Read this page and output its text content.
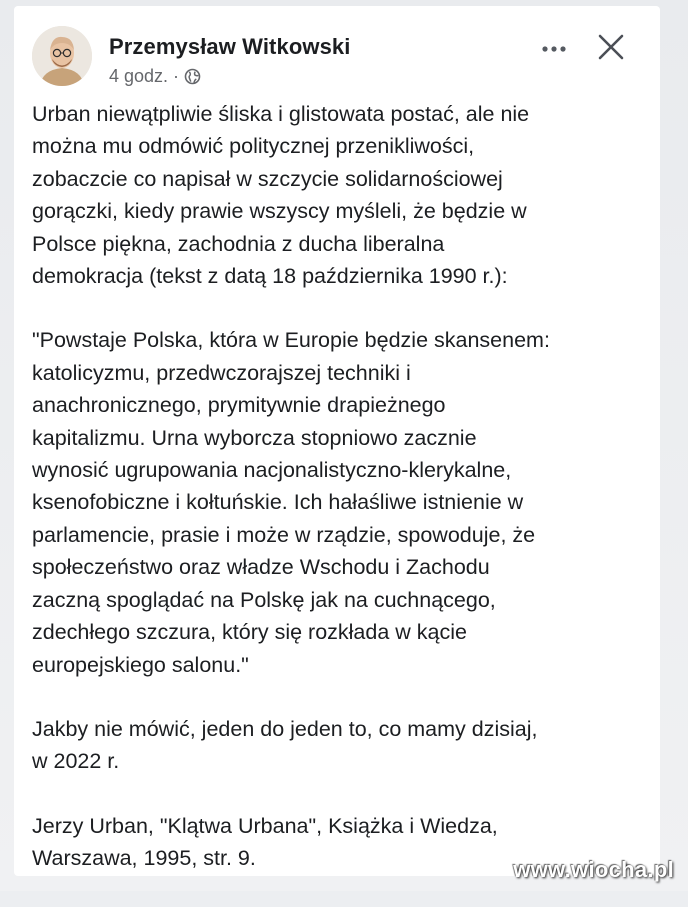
Przemysław Witkowski
4 godz. ·

Urban niewątpliwie śliska i glistowata postać, ale nie
można mu odmówić politycznej przenikliwości,
zobaczcie co napisał w szczycie solidarnościowej
gorączki, kiedy prawie wszyscy myśleli, że będzie w
Polsce piękna, zachodnia z ducha liberalna
demokracja (tekst z datą 18 października 1990 r.):

"Powstaje Polska, która w Europie będzie skansenem:
katolicyzmu, przedwczorajszej techniki i
anachronicznego, prymitywnie drapieżnego
kapitalizmu. Urna wyborcza stopniowo zacznie
wynosić ugrupowania nacjonalistyczno-klerykalne,
ksenofobiczne i kołtuńskie. Ich hałaśliwe istnienie w
parlamencie, prasie i może w rządzie, spowoduje, że
społeczeństwo oraz władze Wschodu i Zachodu
zaczną spoglądać na Polskę jak na cuchnącego,
zdechłego szczura, który się rozkłada w kącie
europejskiego salonu."

Jakby nie mówić, jeden do jeden to, co mamy dzisiaj,
w 2022 r.

Jerzy Urban, "Klątwa Urbana", Książka i Wiedza,
Warszawa, 1995, str. 9.	www.wiocha.pl
